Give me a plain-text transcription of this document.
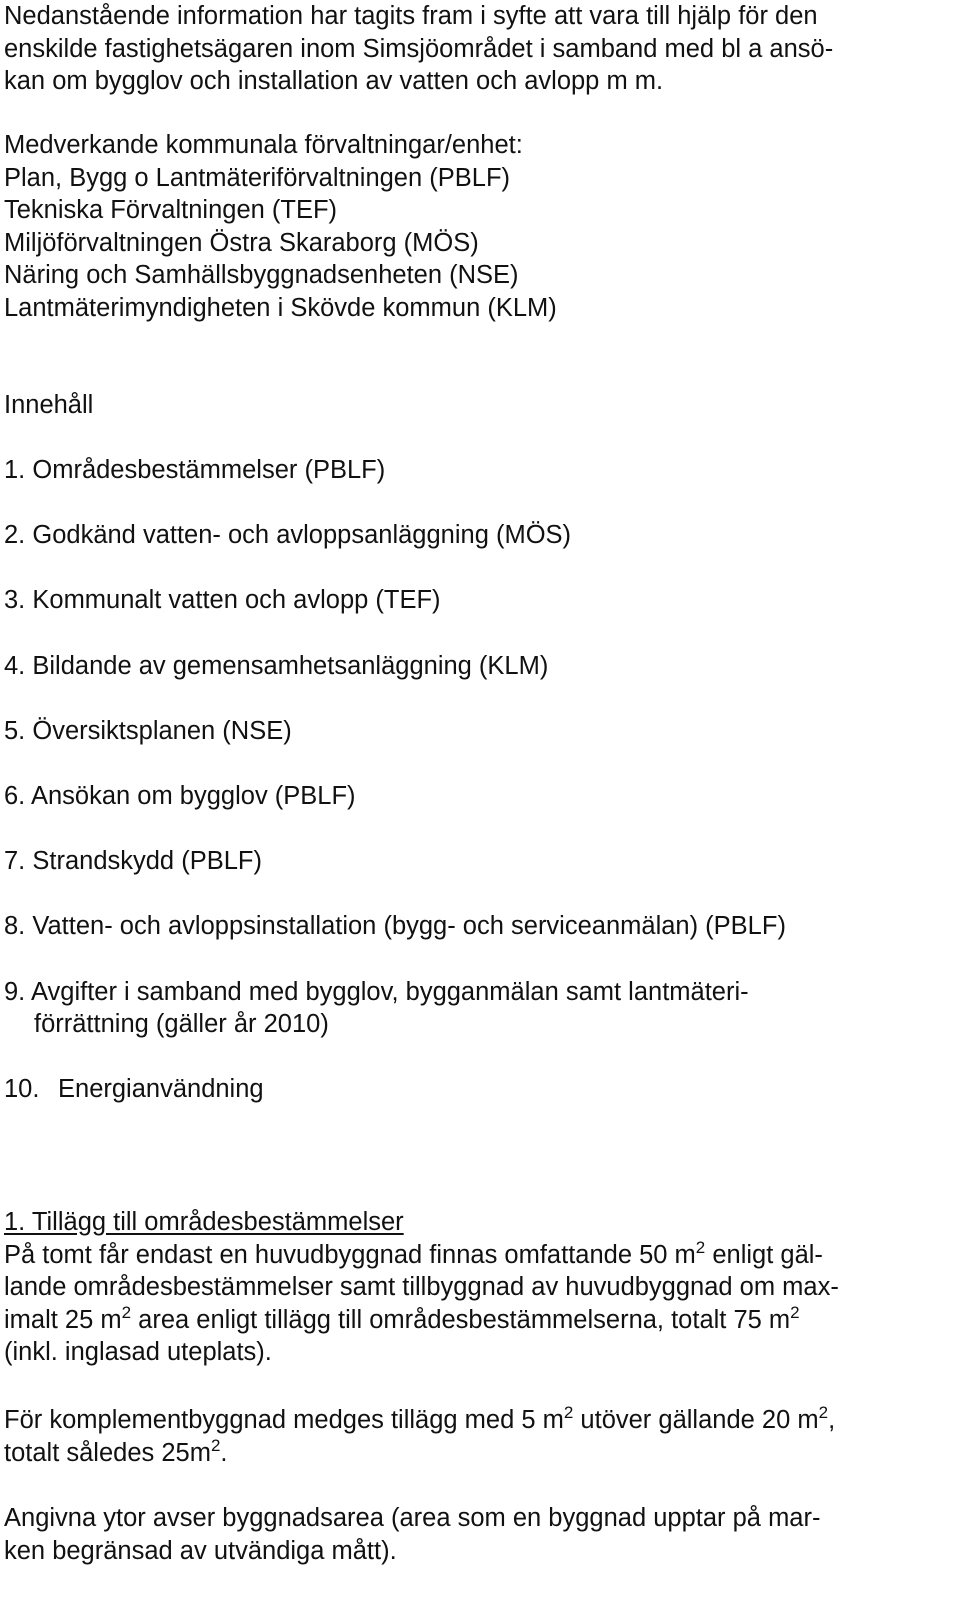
Nedanstående information har tagits fram i syfte att vara till hjälp för den
enskilde fastighetsägaren inom Simsjöområdet i samband med bl a ansö-
kan om bygglov och installation av vatten och avlopp m m.
Medverkande kommunala förvaltningar/enhet:
Plan, Bygg o Lantmäteriförvaltningen (PBLF)
Tekniska Förvaltningen (TEF)
Miljöförvaltningen Östra Skaraborg (MÖS)
Näring och Samhällsbyggnadsenheten (NSE)
Lantmäterimyndigheten i Skövde kommun (KLM)
Innehåll
1. Områdesbestämmelser (PBLF)
2. Godkänd vatten- och avloppsanläggning (MÖS)
3. Kommunalt vatten och avlopp (TEF)
4. Bildande av gemensamhetsanläggning (KLM)
5. Översiktsplanen (NSE)
6. Ansökan om bygglov (PBLF)
7. Strandskydd (PBLF)
8. Vatten- och avloppsinstallation (bygg- och serviceanmälan) (PBLF)
9. Avgifter i samband med bygglov, bygganmälan samt lantmäteri-
förrättning (gäller år 2010)
10. Energianvändning
1. Tillägg till områdesbestämmelser
På tomt får endast en huvudbyggnad finnas omfattande 50 $m^2$ enligt gäl-
lande områdesbestämmelser samt tillbyggnad av huvudbyggnad om max-
imalt 25 $m^2$ area enligt tillägg till områdesbestämmelserna, totalt 75 $m^2$
(inkl. inglasad uteplats).
För komplementbyggnad medges tillägg med 5 $m^2$ utöver gällande 20 $m^2$,
totalt således $25m^2$.
Angivna ytor avser byggnadsarea (area som en byggnad upptar på mar-
ken begränsad av utvändiga mått).
